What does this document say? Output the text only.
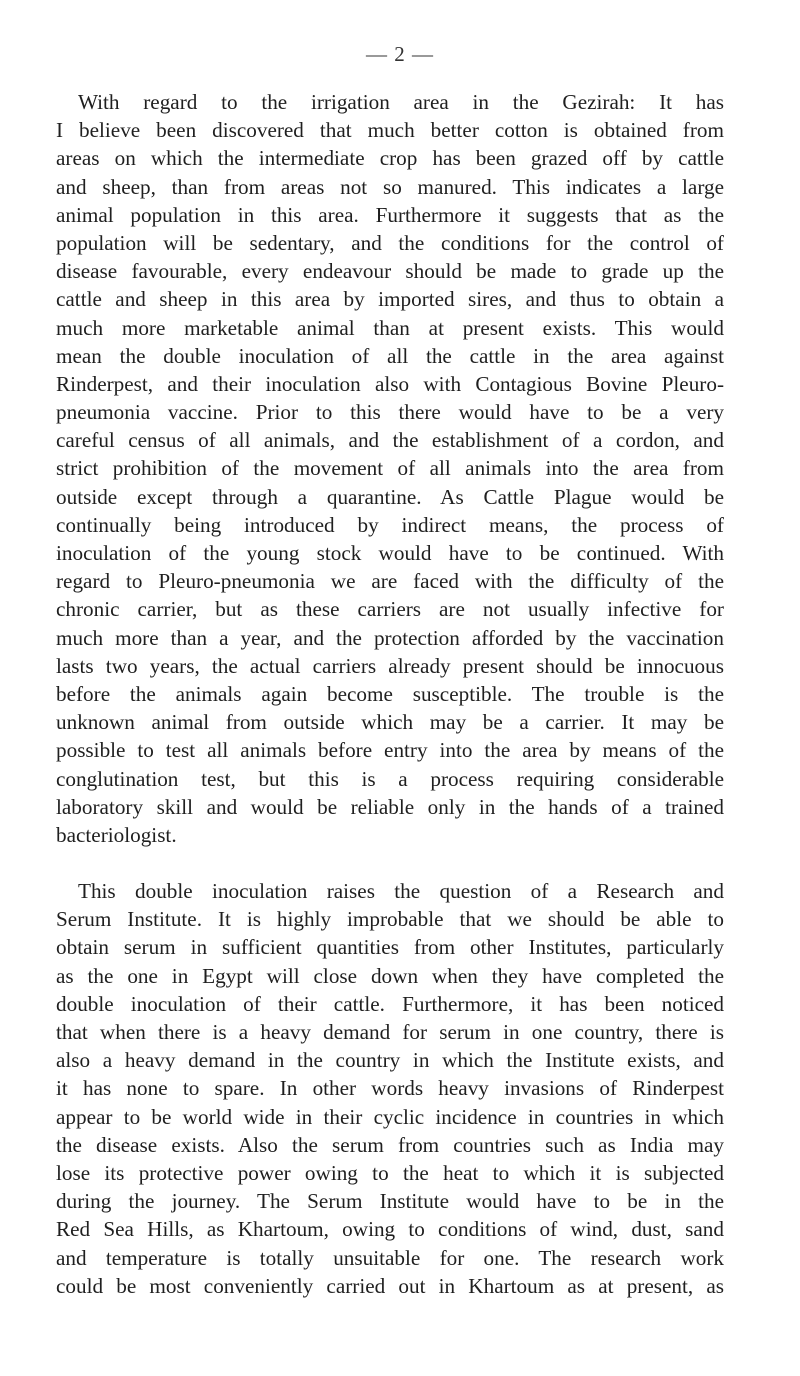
— 2 —
With regard to the irrigation area in the Gezirah: It has
I believe been discovered that much better cotton is obtained from
areas on which the intermediate crop has been grazed off by cattle
and sheep, than from areas not so manured. This indicates a large
animal population in this area. Furthermore it suggests that as the
population will be sedentary, and the conditions for the control of
disease favourable, every endeavour should be made to grade up the
cattle and sheep in this area by imported sires, and thus to obtain a
much more marketable animal than at present exists. This would
mean the double inoculation of all the cattle in the area against
Rinderpest, and their inoculation also with Contagious Bovine Pleuro-
pneumonia vaccine. Prior to this there would have to be a very
careful census of all animals, and the establishment of a cordon, and
strict prohibition of the movement of all animals into the area from
outside except through a quarantine. As Cattle Plague would be
continually being introduced by indirect means, the process of
inoculation of the young stock would have to be continued. With
regard to Pleuro-pneumonia we are faced with the difficulty of the
chronic carrier, but as these carriers are not usually infective for
much more than a year, and the protection afforded by the vaccination
lasts two years, the actual carriers already present should be innocuous
before the animals again become susceptible. The trouble is the
unknown animal from outside which may be a carrier. It may be
possible to test all animals before entry into the area by means of the
conglutination test, but this is a process requiring considerable
laboratory skill and would be reliable only in the hands of a trained
bacteriologist.
This double inoculation raises the question of a Research and
Serum Institute. It is highly improbable that we should be able to
obtain serum in sufficient quantities from other Institutes, particularly
as the one in Egypt will close down when they have completed the
double inoculation of their cattle. Furthermore, it has been noticed
that when there is a heavy demand for serum in one country, there is
also a heavy demand in the country in which the Institute exists, and
it has none to spare. In other words heavy invasions of Rinderpest
appear to be world wide in their cyclic incidence in countries in which
the disease exists. Also the serum from countries such as India may
lose its protective power owing to the heat to which it is subjected
during the journey. The Serum Institute would have to be in the
Red Sea Hills, as Khartoum, owing to conditions of wind, dust, sand
and temperature is totally unsuitable for one. The research work
could be most conveniently carried out in Khartoum as at present, as
